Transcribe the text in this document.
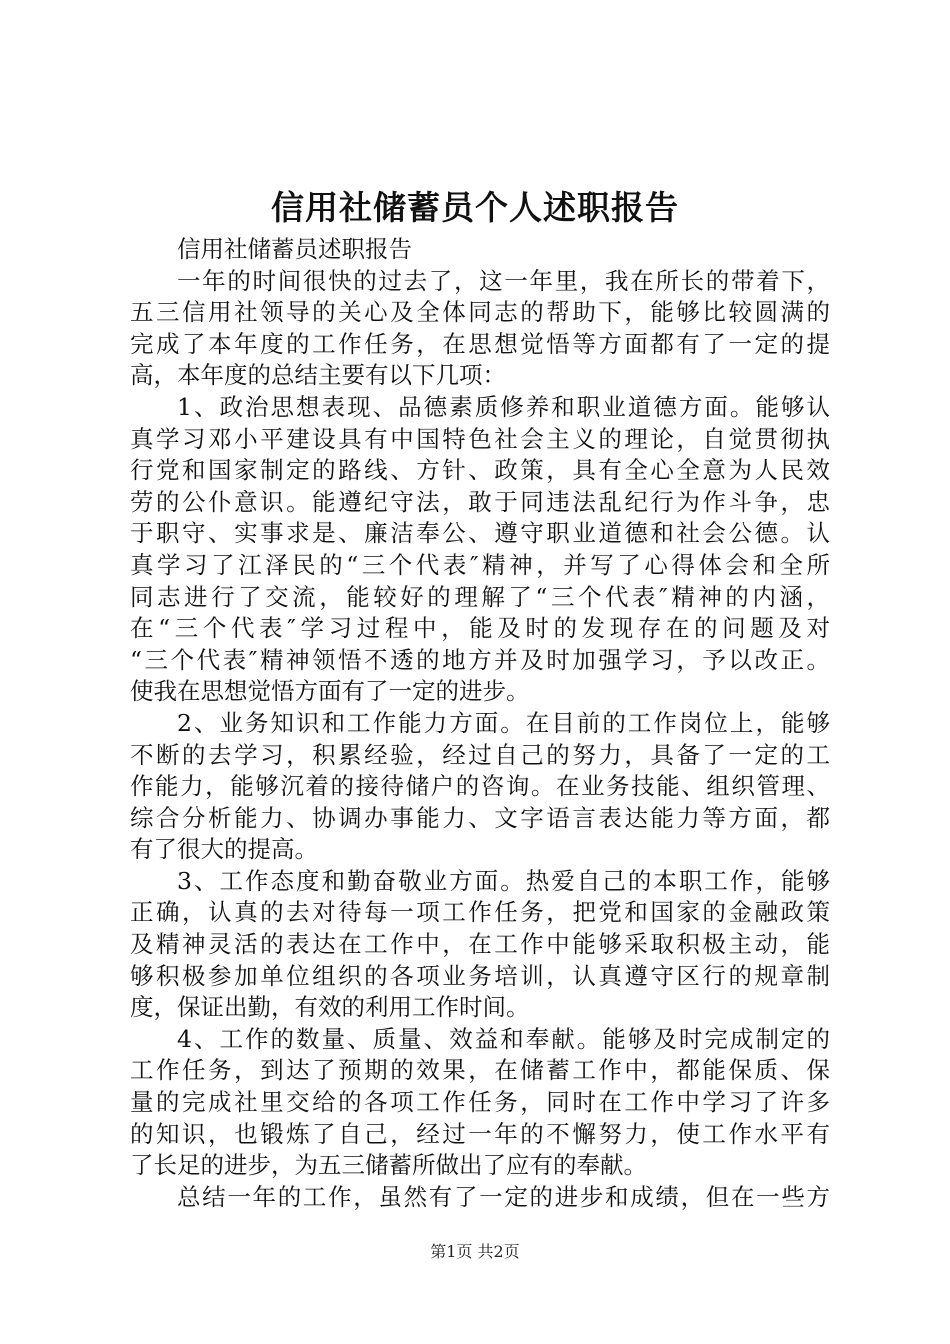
信用社储蓄员个人述职报告
信用社储蓄员述职报告
一年的时间很快的过去了，这一年里，我在所长的带着下，
五三信用社领导的关心及全体同志的帮助下，能够比较圆满的
完成了本年度的工作任务，在思想觉悟等方面都有了一定的提
高，本年度的总结主要有以下几项：
1、政治思想表现、品德素质修养和职业道德方面。能够认
真学习邓小平建设具有中国特色社会主义的理论，自觉贯彻执
行党和国家制定的路线、方针、政策，具有全心全意为人民效
劳的公仆意识。能遵纪守法，敢于同违法乱纪行为作斗争，忠
于职守、实事求是、廉洁奉公、遵守职业道德和社会公德。认
真学习了江泽民的“三个代表″精神，并写了心得体会和全所
同志进行了交流，能较好的理解了“三个代表″精神的内涵，
在“三个代表″学习过程中，能及时的发现存在的问题及对
“三个代表″精神领悟不透的地方并及时加强学习，予以改正。
使我在思想觉悟方面有了一定的进步。
2、业务知识和工作能力方面。在目前的工作岗位上，能够
不断的去学习，积累经验，经过自己的努力，具备了一定的工
作能力，能够沉着的接待储户的咨询。在业务技能、组织管理、
综合分析能力、协调办事能力、文字语言表达能力等方面，都
有了很大的提高。
3、工作态度和勤奋敬业方面。热爱自己的本职工作，能够
正确，认真的去对待每一项工作任务，把党和国家的金融政策
及精神灵活的表达在工作中，在工作中能够采取积极主动，能
够积极参加单位组织的各项业务培训，认真遵守区行的规章制
度，保证出勤，有效的利用工作时间。
4、工作的数量、质量、效益和奉献。能够及时完成制定的
工作任务，到达了预期的效果，在储蓄工作中，都能保质、保
量的完成社里交给的各项工作任务，同时在工作中学习了许多
的知识，也锻炼了自己，经过一年的不懈努力，使工作水平有
了长足的进步，为五三储蓄所做出了应有的奉献。
总结一年的工作，虽然有了一定的进步和成绩，但在一些方
第1页 共2页
